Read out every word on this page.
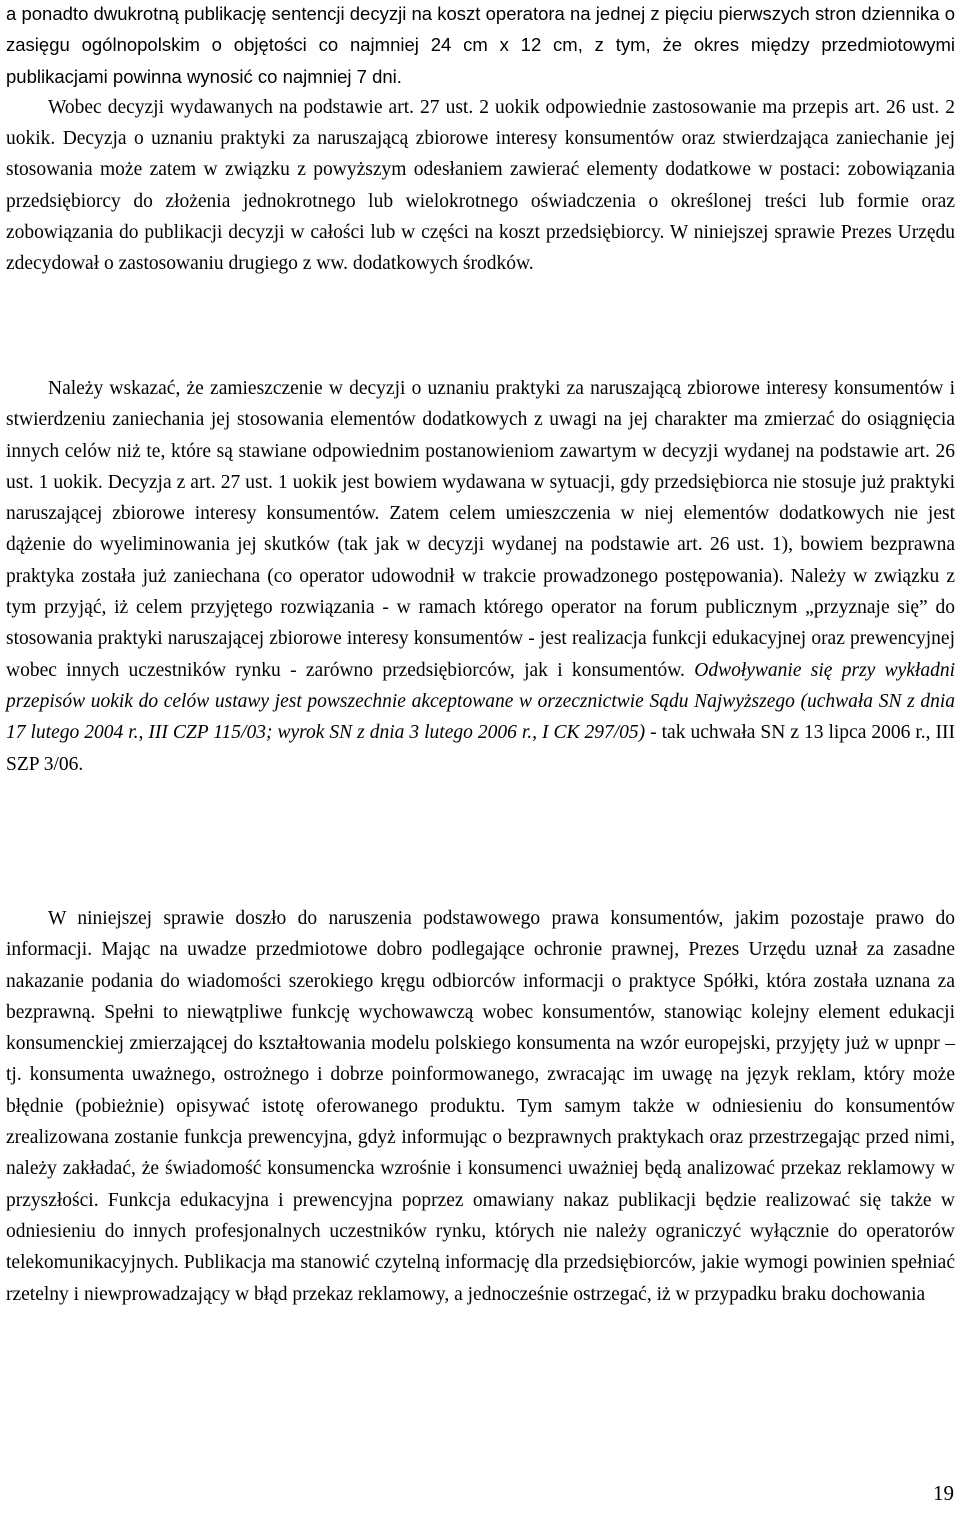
a ponadto dwukrotną publikację sentencji decyzji na koszt operatora na jednej z pięciu pierwszych stron dziennika o zasięgu ogólnopolskim o objętości co najmniej 24 cm x 12 cm, z tym, że okres między przedmiotowymi publikacjami powinna wynosić co najmniej 7 dni.

Wobec decyzji wydawanych na podstawie art. 27 ust. 2 uokik odpowiednie zastosowanie ma przepis art. 26 ust. 2 uokik. Decyzja o uznaniu praktyki za naruszającą zbiorowe interesy konsumentów oraz stwierdzająca zaniechanie jej stosowania może zatem w związku z powyższym odesłaniem zawierać elementy dodatkowe w postaci: zobowiązania przedsiębiorcy do złożenia jednokrotnego lub wielokrotnego oświadczenia o określonej treści lub formie oraz zobowiązania do publikacji decyzji w całości lub w części na koszt przedsiębiorcy. W niniejszej sprawie Prezes Urzędu zdecydował o zastosowaniu drugiego z ww. dodatkowych środków.

Należy wskazać, że zamieszczenie w decyzji o uznaniu praktyki za naruszającą zbiorowe interesy konsumentów i stwierdzeniu zaniechania jej stosowania elementów dodatkowych z uwagi na jej charakter ma zmierzać do osiągnięcia innych celów niż te, które są stawiane odpowiednim postanowieniom zawartym w decyzji wydanej na podstawie art. 26 ust. 1 uokik. Decyzja z art. 27 ust. 1 uokik jest bowiem wydawana w sytuacji, gdy przedsiębiorca nie stosuje już praktyki naruszającej zbiorowe interesy konsumentów. Zatem celem umieszczenia w niej elementów dodatkowych nie jest dążenie do wyeliminowania jej skutków (tak jak w decyzji wydanej na podstawie art. 26 ust. 1), bowiem bezprawna praktyka została już zaniechana (co operator udowodnił w trakcie prowadzonego postępowania). Należy w związku z tym przyjąć, iż celem przyjętego rozwiązania - w ramach którego operator na forum publicznym „przyznaje się” do stosowania praktyki naruszającej zbiorowe interesy konsumentów - jest realizacja funkcji edukacyjnej oraz prewencyjnej wobec innych uczestników rynku - zarówno przedsiębiorców, jak i konsumentów. Odwoływanie się przy wykładni przepisów uokik do celów ustawy jest powszechnie akceptowane w orzecznictwie Sądu Najwyższego (uchwała SN z dnia 17 lutego 2004 r., III CZP 115/03; wyrok SN z dnia 3 lutego 2006 r., I CK 297/05) - tak uchwała SN z 13 lipca 2006 r., III SZP 3/06.

W niniejszej sprawie doszło do naruszenia podstawowego prawa konsumentów, jakim pozostaje prawo do informacji. Mając na uwadze przedmiotowe dobro podlegające ochronie prawnej, Prezes Urzędu uznał za zasadne nakazanie podania do wiadomości szerokiego kręgu odbiorców informacji o praktyce Spółki, która została uznana za bezprawną. Spełni to niewątpliwe funkcję wychowawczą wobec konsumentów, stanowiąc kolejny element edukacji konsumenckiej zmierzającej do kształtowania modelu polskiego konsumenta na wzór europejski, przyjęty już w upnpr – tj. konsumenta uważnego, ostrożnego i dobrze poinformowanego, zwracając im uwagę na język reklam, który może błędnie (pobieżnie) opisywać istotę oferowanego produktu. Tym samym także w odniesieniu do konsumentów zrealizowana zostanie funkcja prewencyjna, gdyż informując o bezprawnych praktykach oraz przestrzegając przed nimi, należy zakładać, że świadomość konsumencka wzrośnie i konsumenci uważniej będą analizować przekaz reklamowy w przyszłości. Funkcja edukacyjna i prewencyjna poprzez omawiany nakaz publikacji będzie realizować się także w odniesieniu do innych profesjonalnych uczestników rynku, których nie należy ograniczyć wyłącznie do operatorów telekomunikacyjnych. Publikacja ma stanowić czytelną informację dla przedsiębiorców, jakie wymogi powinien spełniać rzetelny i niewprowadzający w błąd przekaz reklamowy, a jednocześnie ostrzegać, iż w przypadku braku dochowania

19
